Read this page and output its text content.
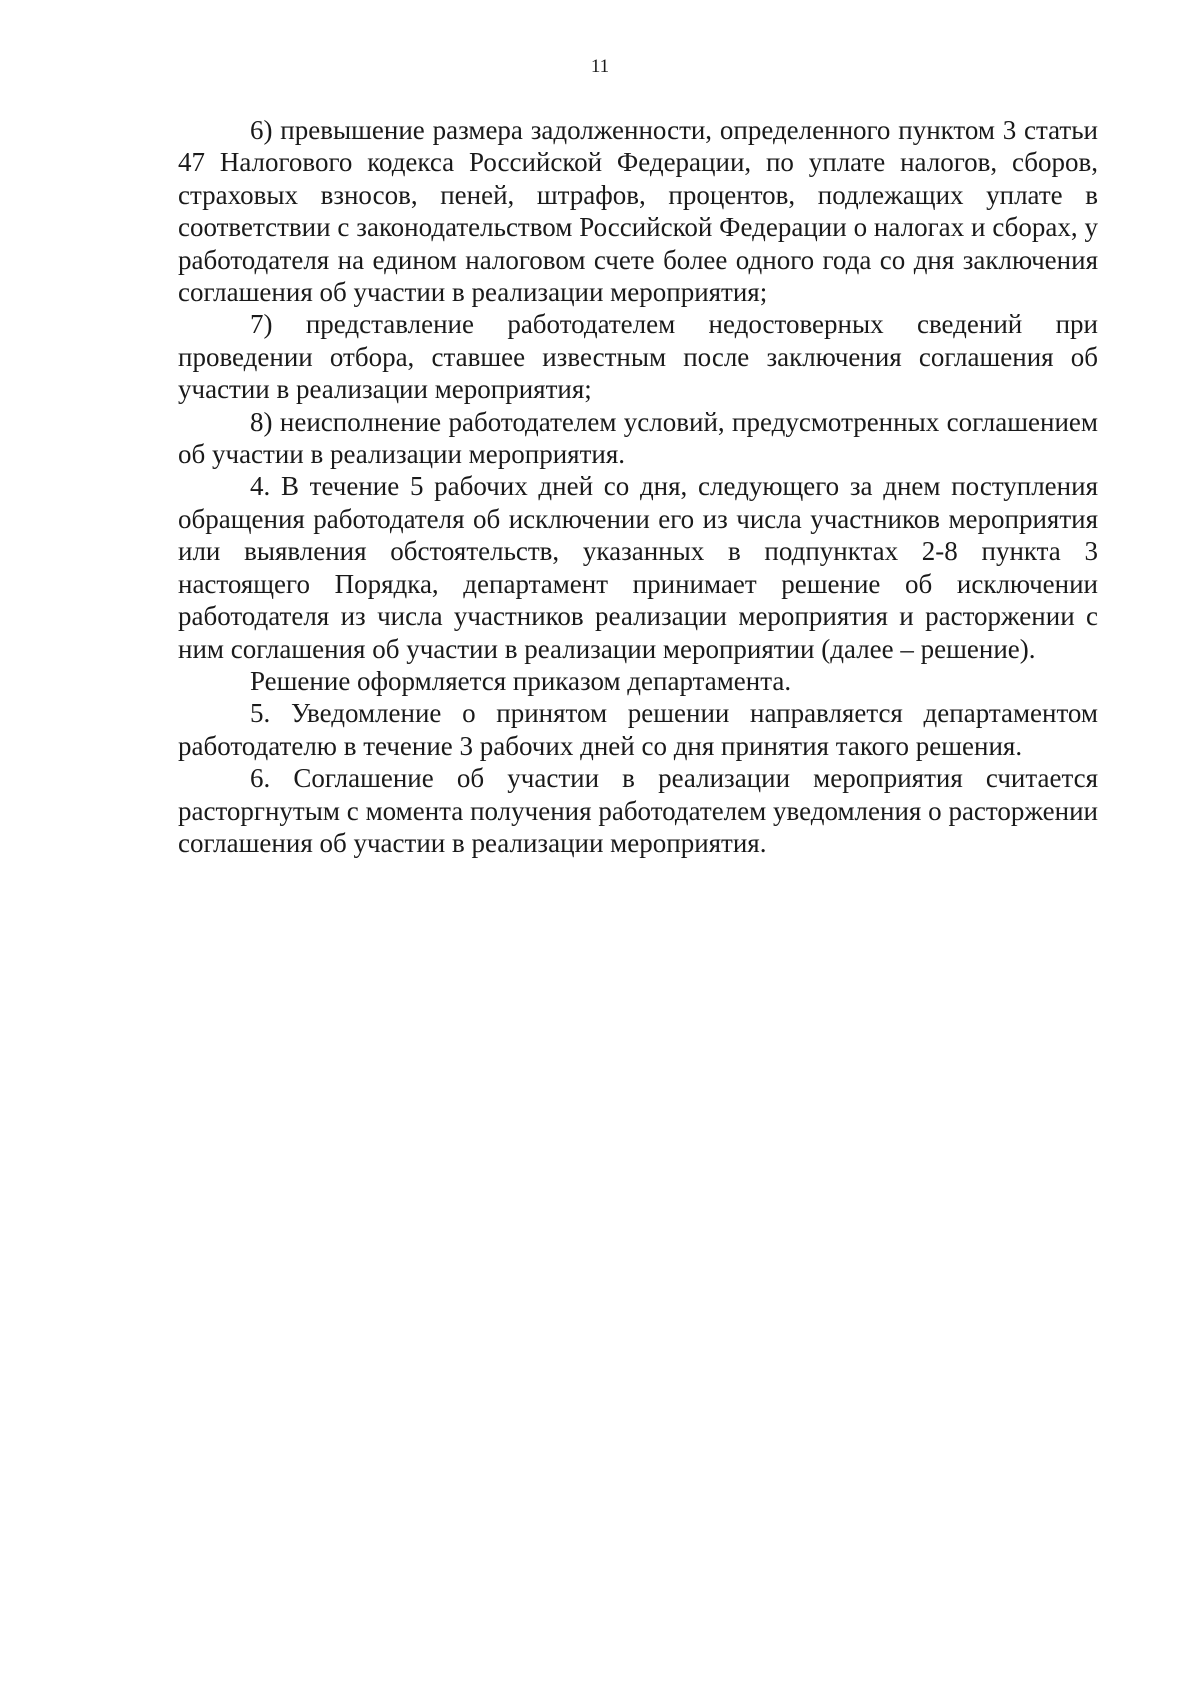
11

6) превышение размера задолженности, определенного пунктом 3 статьи 47 Налогового кодекса Российской Федерации, по уплате налогов, сборов, страховых взносов, пеней, штрафов, процентов, подлежащих уплате в соответствии с законодательством Российской Федерации о налогах и сборах, у работодателя на едином налоговом счете более одного года со дня заключения соглашения об участии в реализации мероприятия;

7) представление работодателем недостоверных сведений при проведении отбора, ставшее известным после заключения соглашения об участии в реализации мероприятия;

8) неисполнение работодателем условий, предусмотренных соглашением об участии в реализации мероприятия.

4. В течение 5 рабочих дней со дня, следующего за днем поступления обращения работодателя об исключении его из числа участников мероприятия или выявления обстоятельств, указанных в подпунктах 2-8 пункта 3 настоящего Порядка, департамент принимает решение об исключении работодателя из числа участников реализации мероприятия и расторжении с ним соглашения об участии в реализации мероприятии (далее – решение).

Решение оформляется приказом департамента.

5. Уведомление о принятом решении направляется департаментом работодателю в течение 3 рабочих дней со дня принятия такого решения.

6. Соглашение об участии в реализации мероприятия считается расторгнутым с момента получения работодателем уведомления о расторжении соглашения об участии в реализации мероприятия.
